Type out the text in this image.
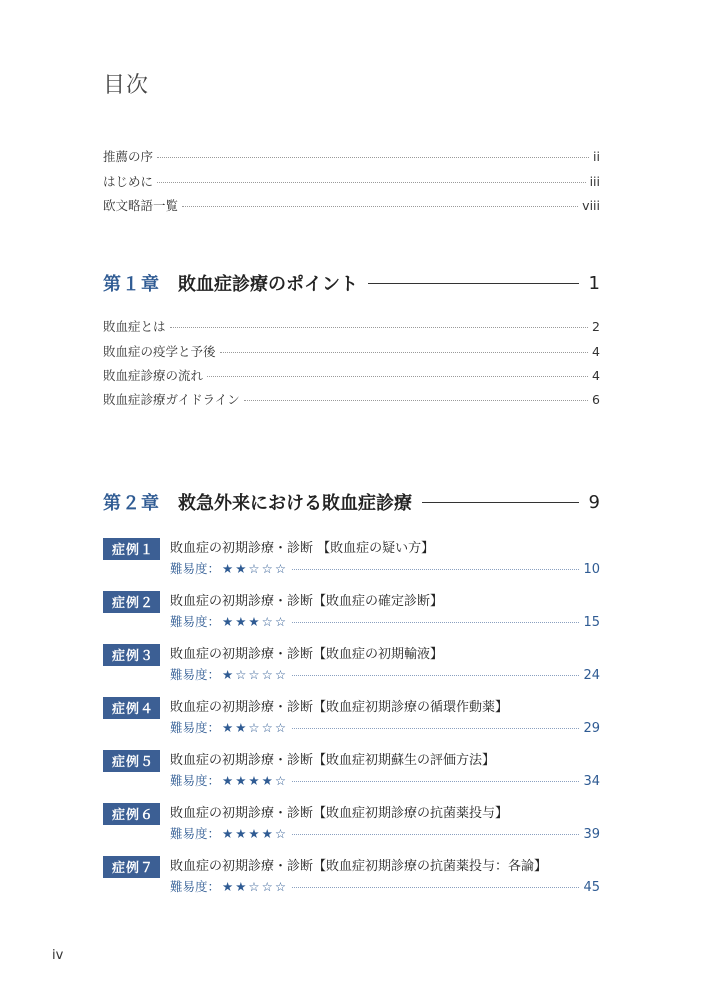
目次
推薦の序	ii
はじめに	iii
欧文略語一覧	viii
第１章 敗血症診療のポイント	1
敗血症とは	2
敗血症の疫学と予後	4
敗血症診療の流れ	4
敗血症診療ガイドライン	6
第２章 救急外来における敗血症診療	9
症例１	敗血症の初期診療・診断 【敗血症の疑い方】
難易度： ★★☆☆☆	10
症例２	敗血症の初期診療・診断【敗血症の確定診断】
難易度： ★★★☆☆	15
症例３	敗血症の初期診療・診断【敗血症の初期輸液】
難易度： ★☆☆☆☆	24
症例４	敗血症の初期診療・診断【敗血症初期診療の循環作動薬】
難易度： ★★☆☆☆	29
症例５	敗血症の初期診療・診断【敗血症初期蘇生の評価方法】
難易度： ★★★★☆	34
症例６	敗血症の初期診療・診断【敗血症初期診療の抗菌薬投与】
難易度： ★★★★☆	39
症例７	敗血症の初期診療・診断【敗血症初期診療の抗菌薬投与：各論】
難易度： ★★☆☆☆	45
iv
